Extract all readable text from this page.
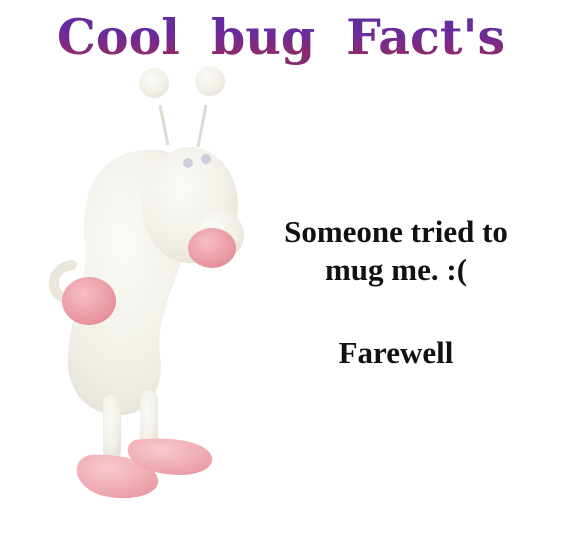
Cool bug Fact's
Someone tried to
mug me. :(
Farewell
